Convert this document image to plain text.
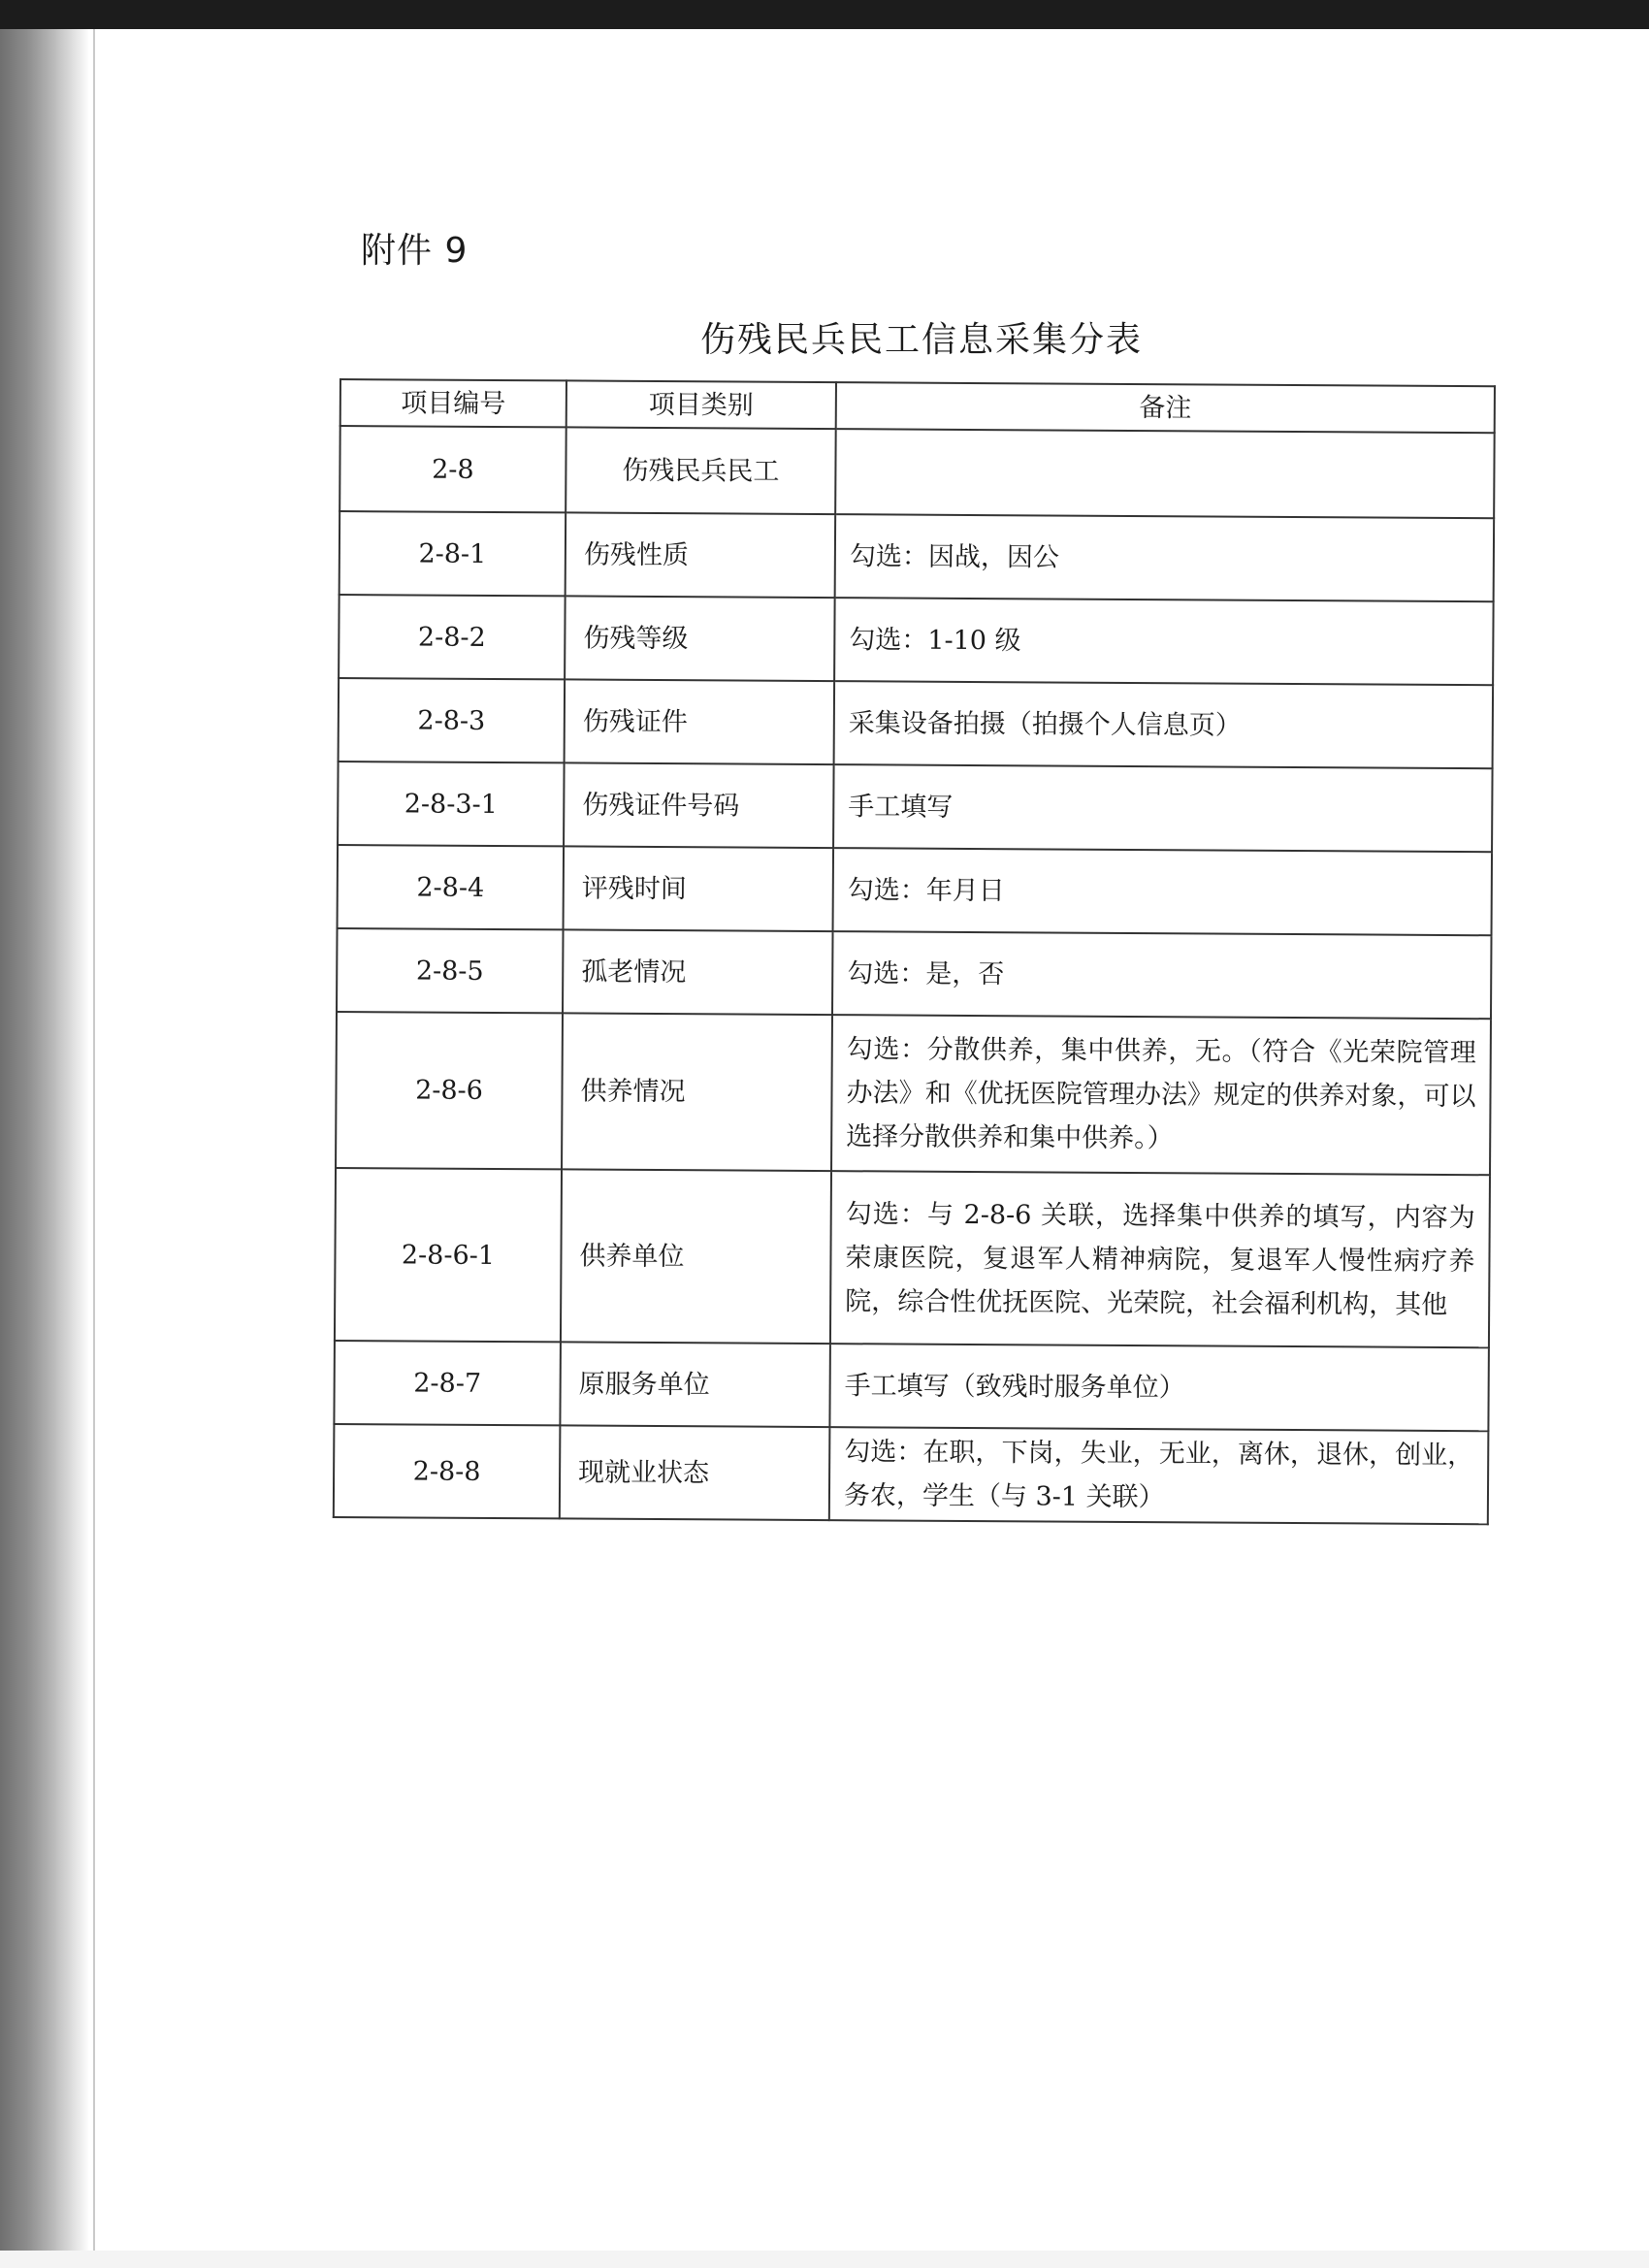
附件 9
伤残民兵民工信息采集分表
项目编号	项目类别	备注
2-8	伤残民兵民工	
2-8-1	伤残性质	勾选：因战，因公
2-8-2	伤残等级	勾选：1-10 级
2-8-3	伤残证件	采集设备拍摄（拍摄个人信息页）
2-8-3-1	伤残证件号码	手工填写
2-8-4	评残时间	勾选：年月日
2-8-5	孤老情况	勾选：是，否
2-8-6	供养情况	勾选：分散供养，集中供养，无。（符合《光荣院管理办法》和《优抚医院管理办法》规定的供养对象，可以选择分散供养和集中供养。）
2-8-6-1	供养单位	勾选：与 2-8-6 关联，选择集中供养的填写，内容为荣康医院，复退军人精神病院，复退军人慢性病疗养院，综合性优抚医院、光荣院，社会福利机构，其他
2-8-7	原服务单位	手工填写（致残时服务单位）
2-8-8	现就业状态	勾选：在职，下岗，失业，无业，离休，退休，创业，务农，学生（与 3-1 关联）
